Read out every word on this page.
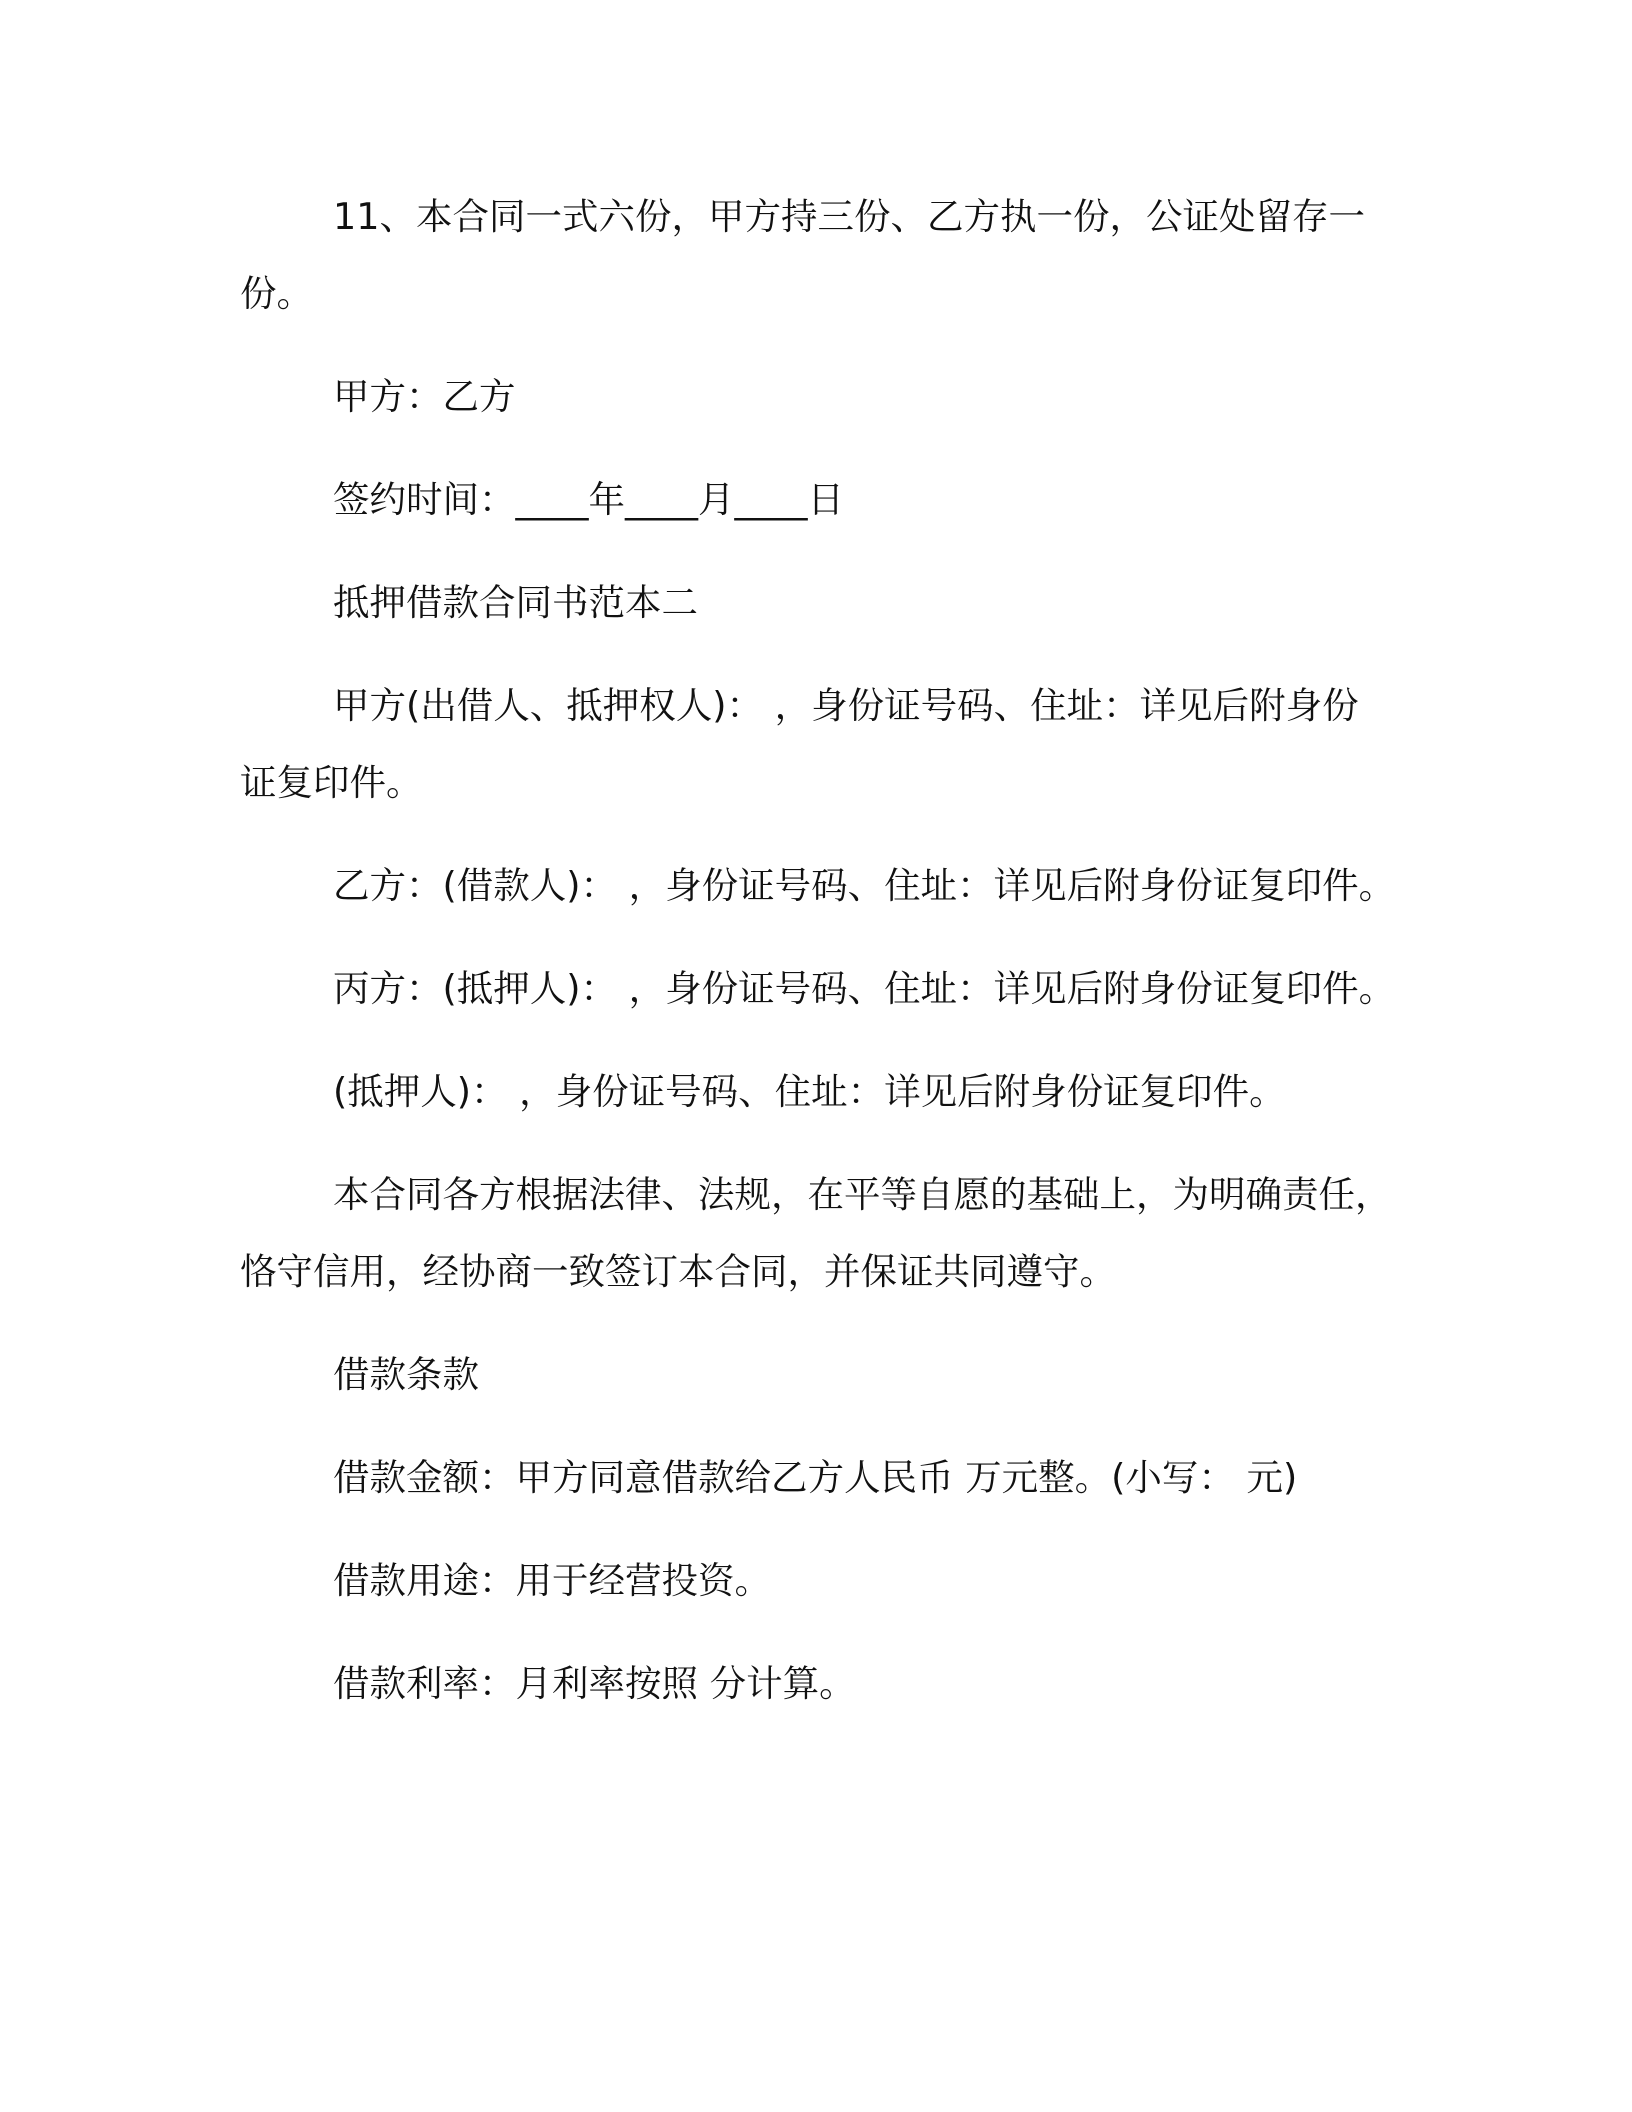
11、本合同一式六份，甲方持三份、乙方执一份，公证处留存一
份。
甲方：乙方
签约时间：____年____月____日
抵押借款合同书范本二
甲方(出借人、抵押权人)： ，身份证号码、住址：详见后附身份
证复印件。
乙方：(借款人)： ，身份证号码、住址：详见后附身份证复印件。
丙方：(抵押人)： ，身份证号码、住址：详见后附身份证复印件。
(抵押人)： ，身份证号码、住址：详见后附身份证复印件。
本合同各方根据法律、法规，在平等自愿的基础上，为明确责任，
恪守信用，经协商一致签订本合同，并保证共同遵守。
借款条款
借款金额：甲方同意借款给乙方人民币 万元整。(小写： 元)
借款用途：用于经营投资。
借款利率：月利率按照 分计算。
